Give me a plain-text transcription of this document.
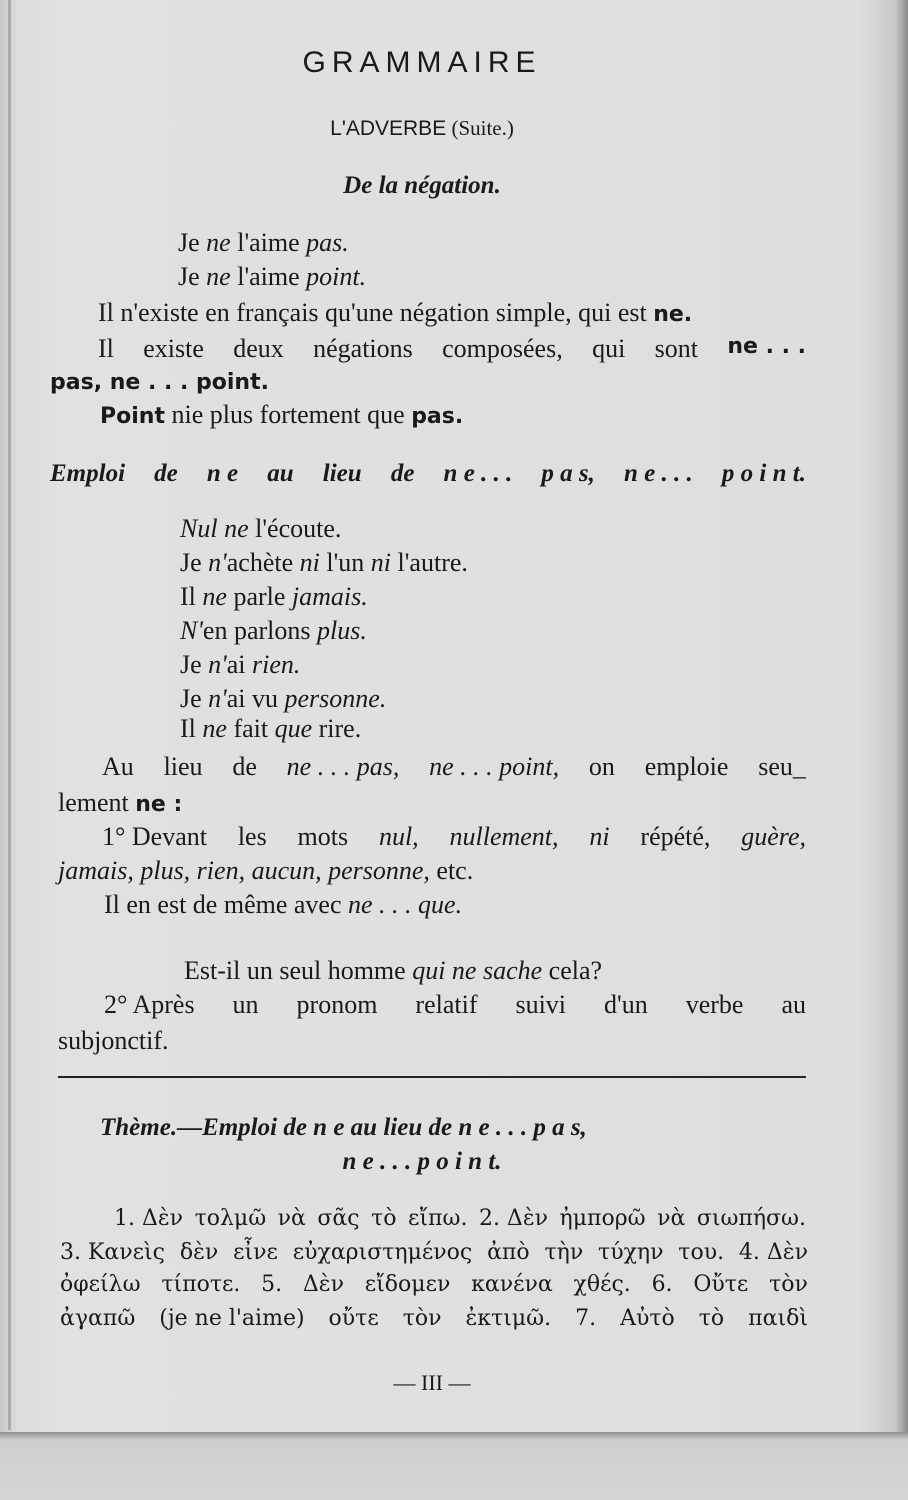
GRAMMAIRE
L'ADVERBE (Suite.)
De la négation.
Je ne l'aime pas.
Je ne l'aime point.
Il n'existe en français qu'une négation simple, qui est ne.
Il existe deux négations composées, qui sont ne . . .
pas, ne . . . point.
Point nie plus fortement que pas.
Emploi de n e au lieu de n e . . . p a s, n e . . . p o i n t.
Nul ne l'écoute.
Je n'achète ni l'un ni l'autre.
Il ne parle jamais.
N'en parlons plus.
Je n'ai rien.
Je n'ai vu personne.
Il ne fait que rire.
Au lieu de ne . . . pas, ne . . . point, on emploie seu_
lement ne :
1° Devant les mots nul, nullement, ni répété, guère,
jamais, plus, rien, aucun, personne, etc.
Il en est de même avec ne . . . que.
Est-il un seul homme qui ne sache cela?
2° Après un pronom relatif suivi d'un verbe au
subjonctif.
Thème.—Emploi de n e au lieu de n e . . . p a s,
n e . . . p o i n t.
1. Δὲν τολμῶ νὰ σᾶς τὸ εἴπω. 2. Δὲν ἠμπορῶ νὰ σιωπήσω.
3. Κανεὶς δὲν εἶνε εὐχαριστημένος ἀπὸ τὴν τύχην του. 4. Δὲν
ὀφείλω τίποτε. 5. Δὲν εἴδομεν κανένα χθές. 6. Οὔτε τὸν
ἀγαπῶ (je ne l'aime) οὔτε τὸν ἐκτιμῶ. 7. Αὐτὸ τὸ παιδὶ
— III —
